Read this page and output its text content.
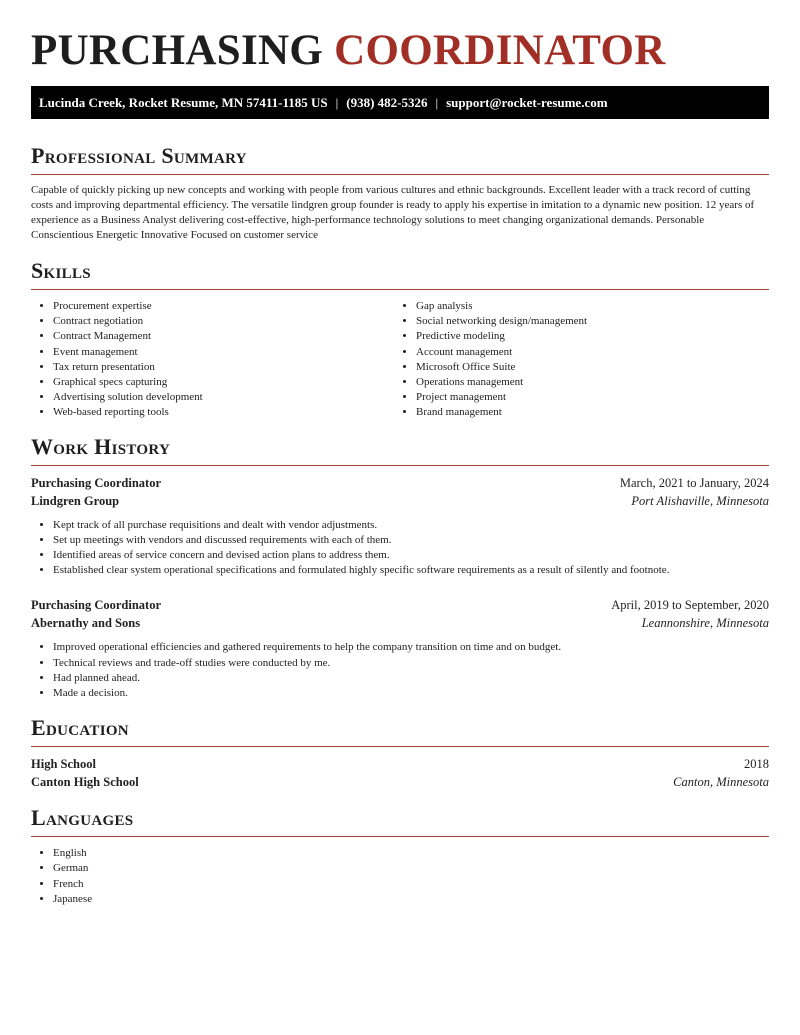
PURCHASING COORDINATOR
Lucinda Creek, Rocket Resume, MN 57411-1185 US | (938) 482-5326 | support@rocket-resume.com
Professional Summary

Capable of quickly picking up new concepts and working with people from various cultures and ethnic backgrounds. Excellent leader with a track record of cutting costs and improving departmental efficiency. The versatile lindgren group founder is ready to apply his expertise in imitation to a dynamic new position. 12 years of experience as a Business Analyst delivering cost-effective, high-performance technology solutions to meet changing organizational demands. Personable Conscientious Energetic Innovative Focused on customer service

Skills
• Procurement expertise
• Contract negotiation
• Contract Management
• Event management
• Tax return presentation
• Graphical specs capturing
• Advertising solution development
• Web-based reporting tools
• Gap analysis
• Social networking design/management
• Predictive modeling
• Account management
• Microsoft Office Suite
• Operations management
• Project management
• Brand management
Work History
Purchasing Coordinator	March, 2021 to January, 2024
Lindgren Group	Port Alishaville, Minnesota
• Kept track of all purchase requisitions and dealt with vendor adjustments.
• Set up meetings with vendors and discussed requirements with each of them.
• Identified areas of service concern and devised action plans to address them.
• Established clear system operational specifications and formulated highly specific software requirements as a result of silently and footnote.
Purchasing Coordinator	April, 2019 to September, 2020
Abernathy and Sons	Leannonshire, Minnesota
• Improved operational efficiencies and gathered requirements to help the company transition on time and on budget.
• Technical reviews and trade-off studies were conducted by me.
• Had planned ahead.
• Made a decision.
Education
High School	2018
Canton High School	Canton, Minnesota
Languages
• English
• German
• French
• Japanese
